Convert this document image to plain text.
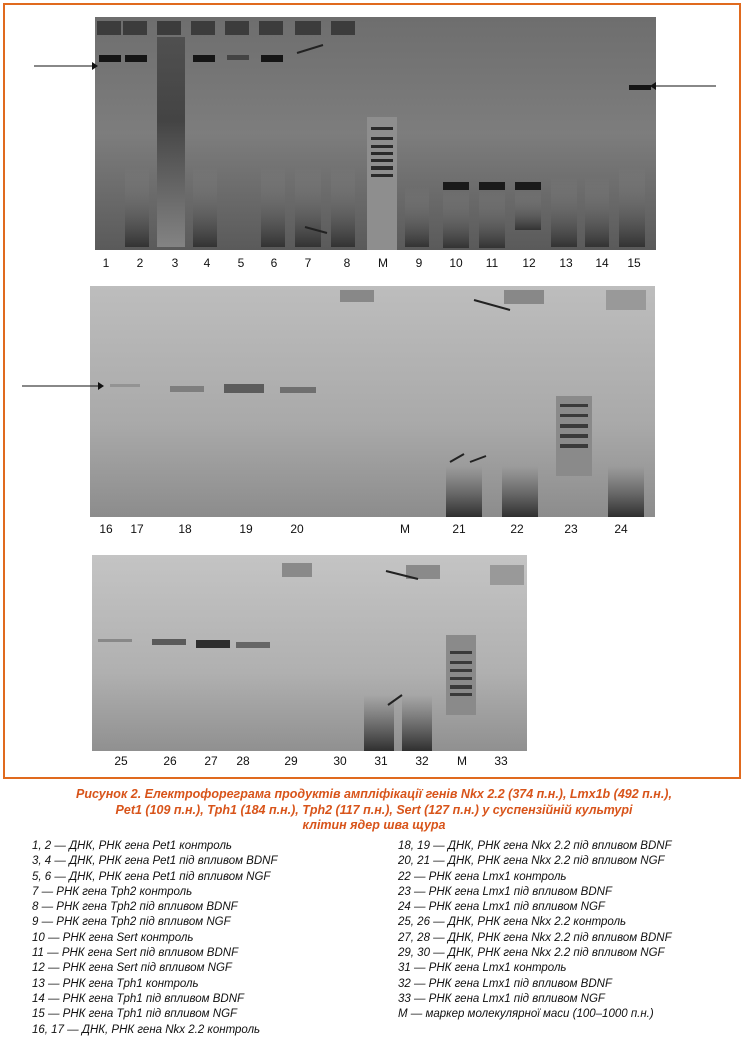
1 2 3 4 5 6 7	8 M 9 10 11 12 13 14 15
16 17	18	19	20	M	21	22	23	24
25	26 27 28	29	30 31 32 M 33
Рисунок 2. Електрофореграма продуктів ампліфікації генів Nkx 2.2 (374 п.н.), Lmx1b (492 п.н.),
Pet1 (109 п.н.), Tph1 (184 п.н.), Tph2 (117 п.н.), Sert (127 п.н.) у суспензійній культурі
клітин ядер шва щура
1, 2 — ДНК, РНК гена Pet1 контроль
3, 4 — ДНК, РНК гена Pet1 під впливом BDNF
5, 6 — ДНК, РНК гена Pet1 під впливом NGF
7 — РНК гена Tph2 контроль
8 — РНК гена Tph2 під впливом BDNF
9 — РНК гена Tph2 під впливом NGF
10 — РНК гена Sert контроль
11 — РНК гена Sert під впливом BDNF
12 — РНК гена Sert під впливом NGF
13 — РНК гена Tph1 контроль
14 — РНК гена Tph1 під впливом BDNF
15 — РНК гена Tph1 під впливом NGF
16, 17 — ДНК, РНК гена Nkx 2.2 контроль
18, 19 — ДНК, РНК гена Nkx 2.2 під впливом BDNF
20, 21 — ДНК, РНК гена Nkx 2.2 під впливом NGF
22 — РНК гена Lmx1 контроль
23 — РНК гена Lmx1 під впливом BDNF
24 — РНК гена Lmx1 під впливом NGF
25, 26 — ДНК, РНК гена Nkx 2.2 контроль
27, 28 — ДНК, РНК гена Nkx 2.2 під впливом BDNF
29, 30 — ДНК, РНК гена Nkx 2.2 під впливом NGF
31 — РНК гена Lmx1 контроль
32 — РНК гена Lmx1 під впливом BDNF
33 — РНК гена Lmx1 під впливом NGF
M — маркер молекулярної маси (100–1000 п.н.)
